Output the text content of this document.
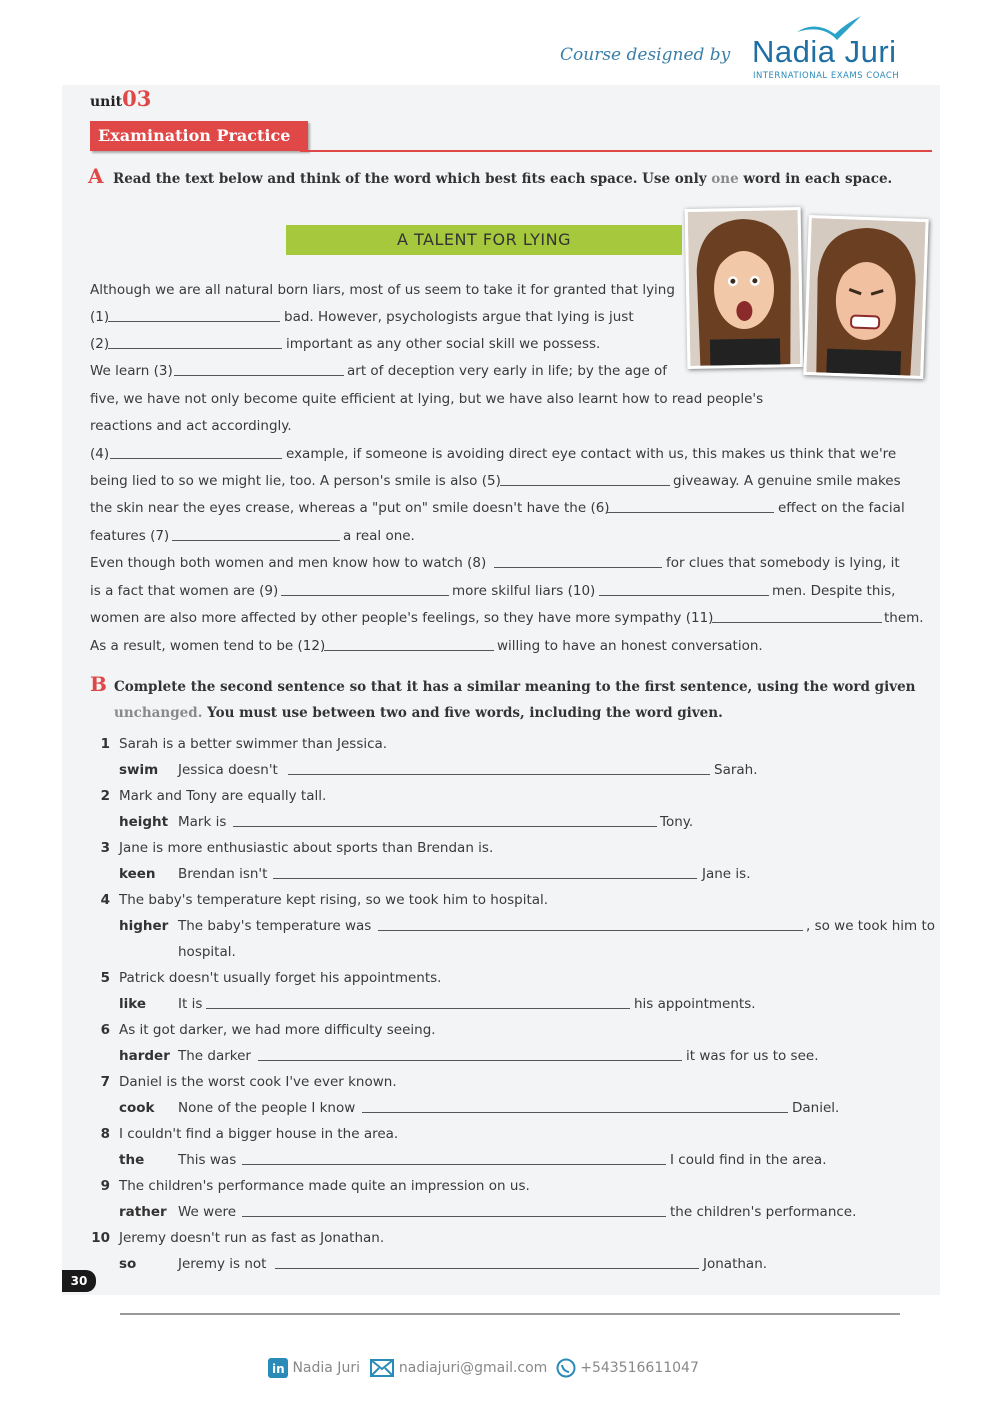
Course designed by Nadia Juri
INTERNATIONAL EXAMS COACH
unit03
Examination Practice
A Read the text below and think of the word which best fits each space. Use only one word in each space.
A TALENT FOR LYING
Although we are all natural born liars, most of us seem to take it for granted that lying
(1)	bad. However, psychologists argue that lying is just
(2)	important as any other social skill we possess.
We learn (3)	art of deception very early in life; by the age of
five, we have not only become quite efficient at lying, but we have also learnt how to read people's
reactions and act accordingly.
(4)	example, if someone is avoiding direct eye contact with us, this makes us think that we're
being lied to so we might lie, too. A person's smile is also (5)	giveaway. A genuine smile makes
the skin near the eyes crease, whereas a "put on" smile doesn't have the (6)	effect on the facial
features (7)	a real one.
Even though both women and men know how to watch (8)	for clues that somebody is lying, it
is a fact that women are (9)	more skilful liars (10)	men. Despite this,
women are also more affected by other people's feelings, so they have more sympathy (11)	them.
As a result, women tend to be (12)	willing to have an honest conversation.
B Complete the second sentence so that it has a similar meaning to the first sentence, using the word given
unchanged. You must use between two and five words, including the word given.
1 Sarah is a better swimmer than Jessica.
swim Jessica doesn't	Sarah.
2 Mark and Tony are equally tall.
height Mark is	Tony.
3 Jane is more enthusiastic about sports than Brendan is.
keen Brendan isn't	Jane is.
4 The baby's temperature kept rising, so we took him to hospital.
higher The baby's temperature was	, so we took him to
hospital.
5 Patrick doesn't usually forget his appointments.
like It is	his appointments.
6 As it got darker, we had more difficulty seeing.
harder The darker	it was for us to see.
7 Daniel is the worst cook I've ever known.
cook None of the people I know	Daniel.
8 I couldn't find a bigger house in the area.
the	This was	I could find in the area.
9 The children's performance made quite an impression on us.
rather We were	the children's performance.
10 Jeremy doesn't run as fast as Jonathan.
so	Jeremy is not	Jonathan.
30
in Nadia Juri	nadiajuri@gmail.com +543516611047
